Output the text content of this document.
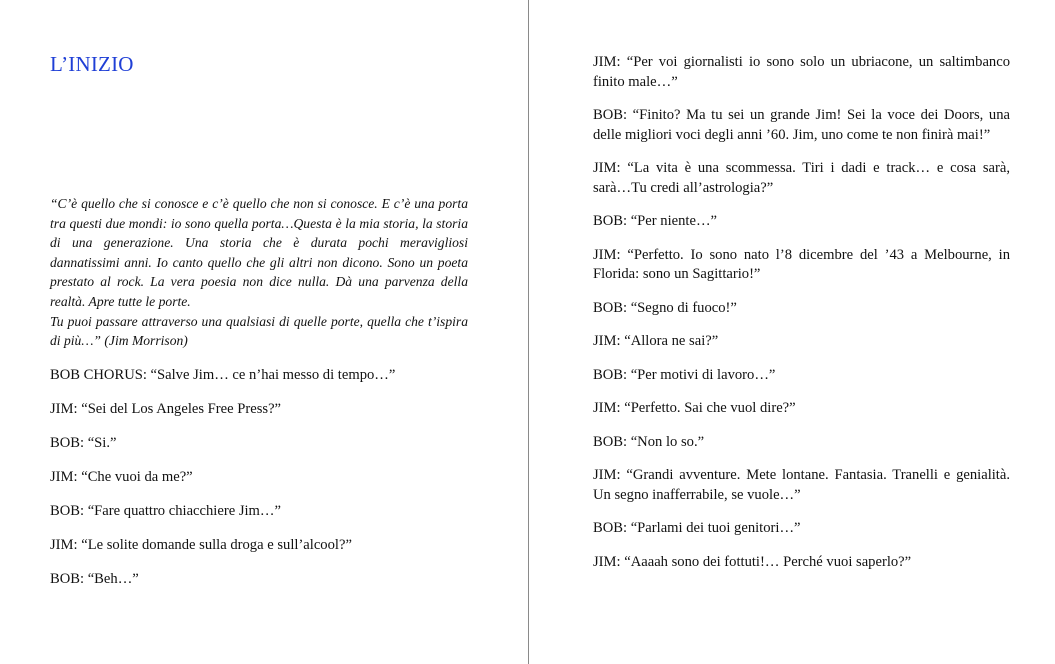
L’INIZIO

“C’è quello che si conosce e c’è quello che non si conosce. E c’è una porta tra questi due mondi: io sono quella porta…Questa è la mia storia, la storia di una generazione. Una storia che è durata pochi meravigliosi dannatissimi anni. Io canto quello che gli altri non dicono. Sono un poeta prestato al rock. La vera poesia non dice nulla. Dà una parvenza della realtà. Apre tutte le porte.

Tu puoi passare attraverso una qualsiasi di quelle porte, quella che t’ispira di più…” (Jim Morrison)

BOB CHORUS: “Salve Jim… ce n’hai messo di tempo…”

JIM: “Sei del Los Angeles Free Press?”

BOB: “Si.”

JIM: “Che vuoi da me?”

BOB: “Fare quattro chiacchiere Jim…”

JIM: “Le solite domande sulla droga e sull’alcool?”

BOB: “Beh…”

JIM: “Per voi giornalisti io sono solo un ubriacone, un saltimbanco finito male…”

BOB: “Finito? Ma tu sei un grande Jim! Sei la voce dei Doors, una delle migliori voci degli anni ’60. Jim, uno come te non finirà mai!”

JIM: “La vita è una scommessa. Tiri i dadi e track… e cosa sarà, sarà…Tu credi all’astrologia?”

BOB: “Per niente…”

JIM: “Perfetto. Io sono nato l’8 dicembre del ’43 a Melbourne, in Florida: sono un Sagittario!”

BOB: “Segno di fuoco!”

JIM: “Allora ne sai?”

BOB: “Per motivi di lavoro…”

JIM: “Perfetto. Sai che vuol dire?”

BOB: “Non lo so.”

JIM: “Grandi avventure. Mete lontane. Fantasia. Tranelli e genialità. Un segno inafferrabile, se vuole…”

BOB: “Parlami dei tuoi genitori…”

JIM: “Aaaah sono dei fottuti!… Perché vuoi saperlo?”
